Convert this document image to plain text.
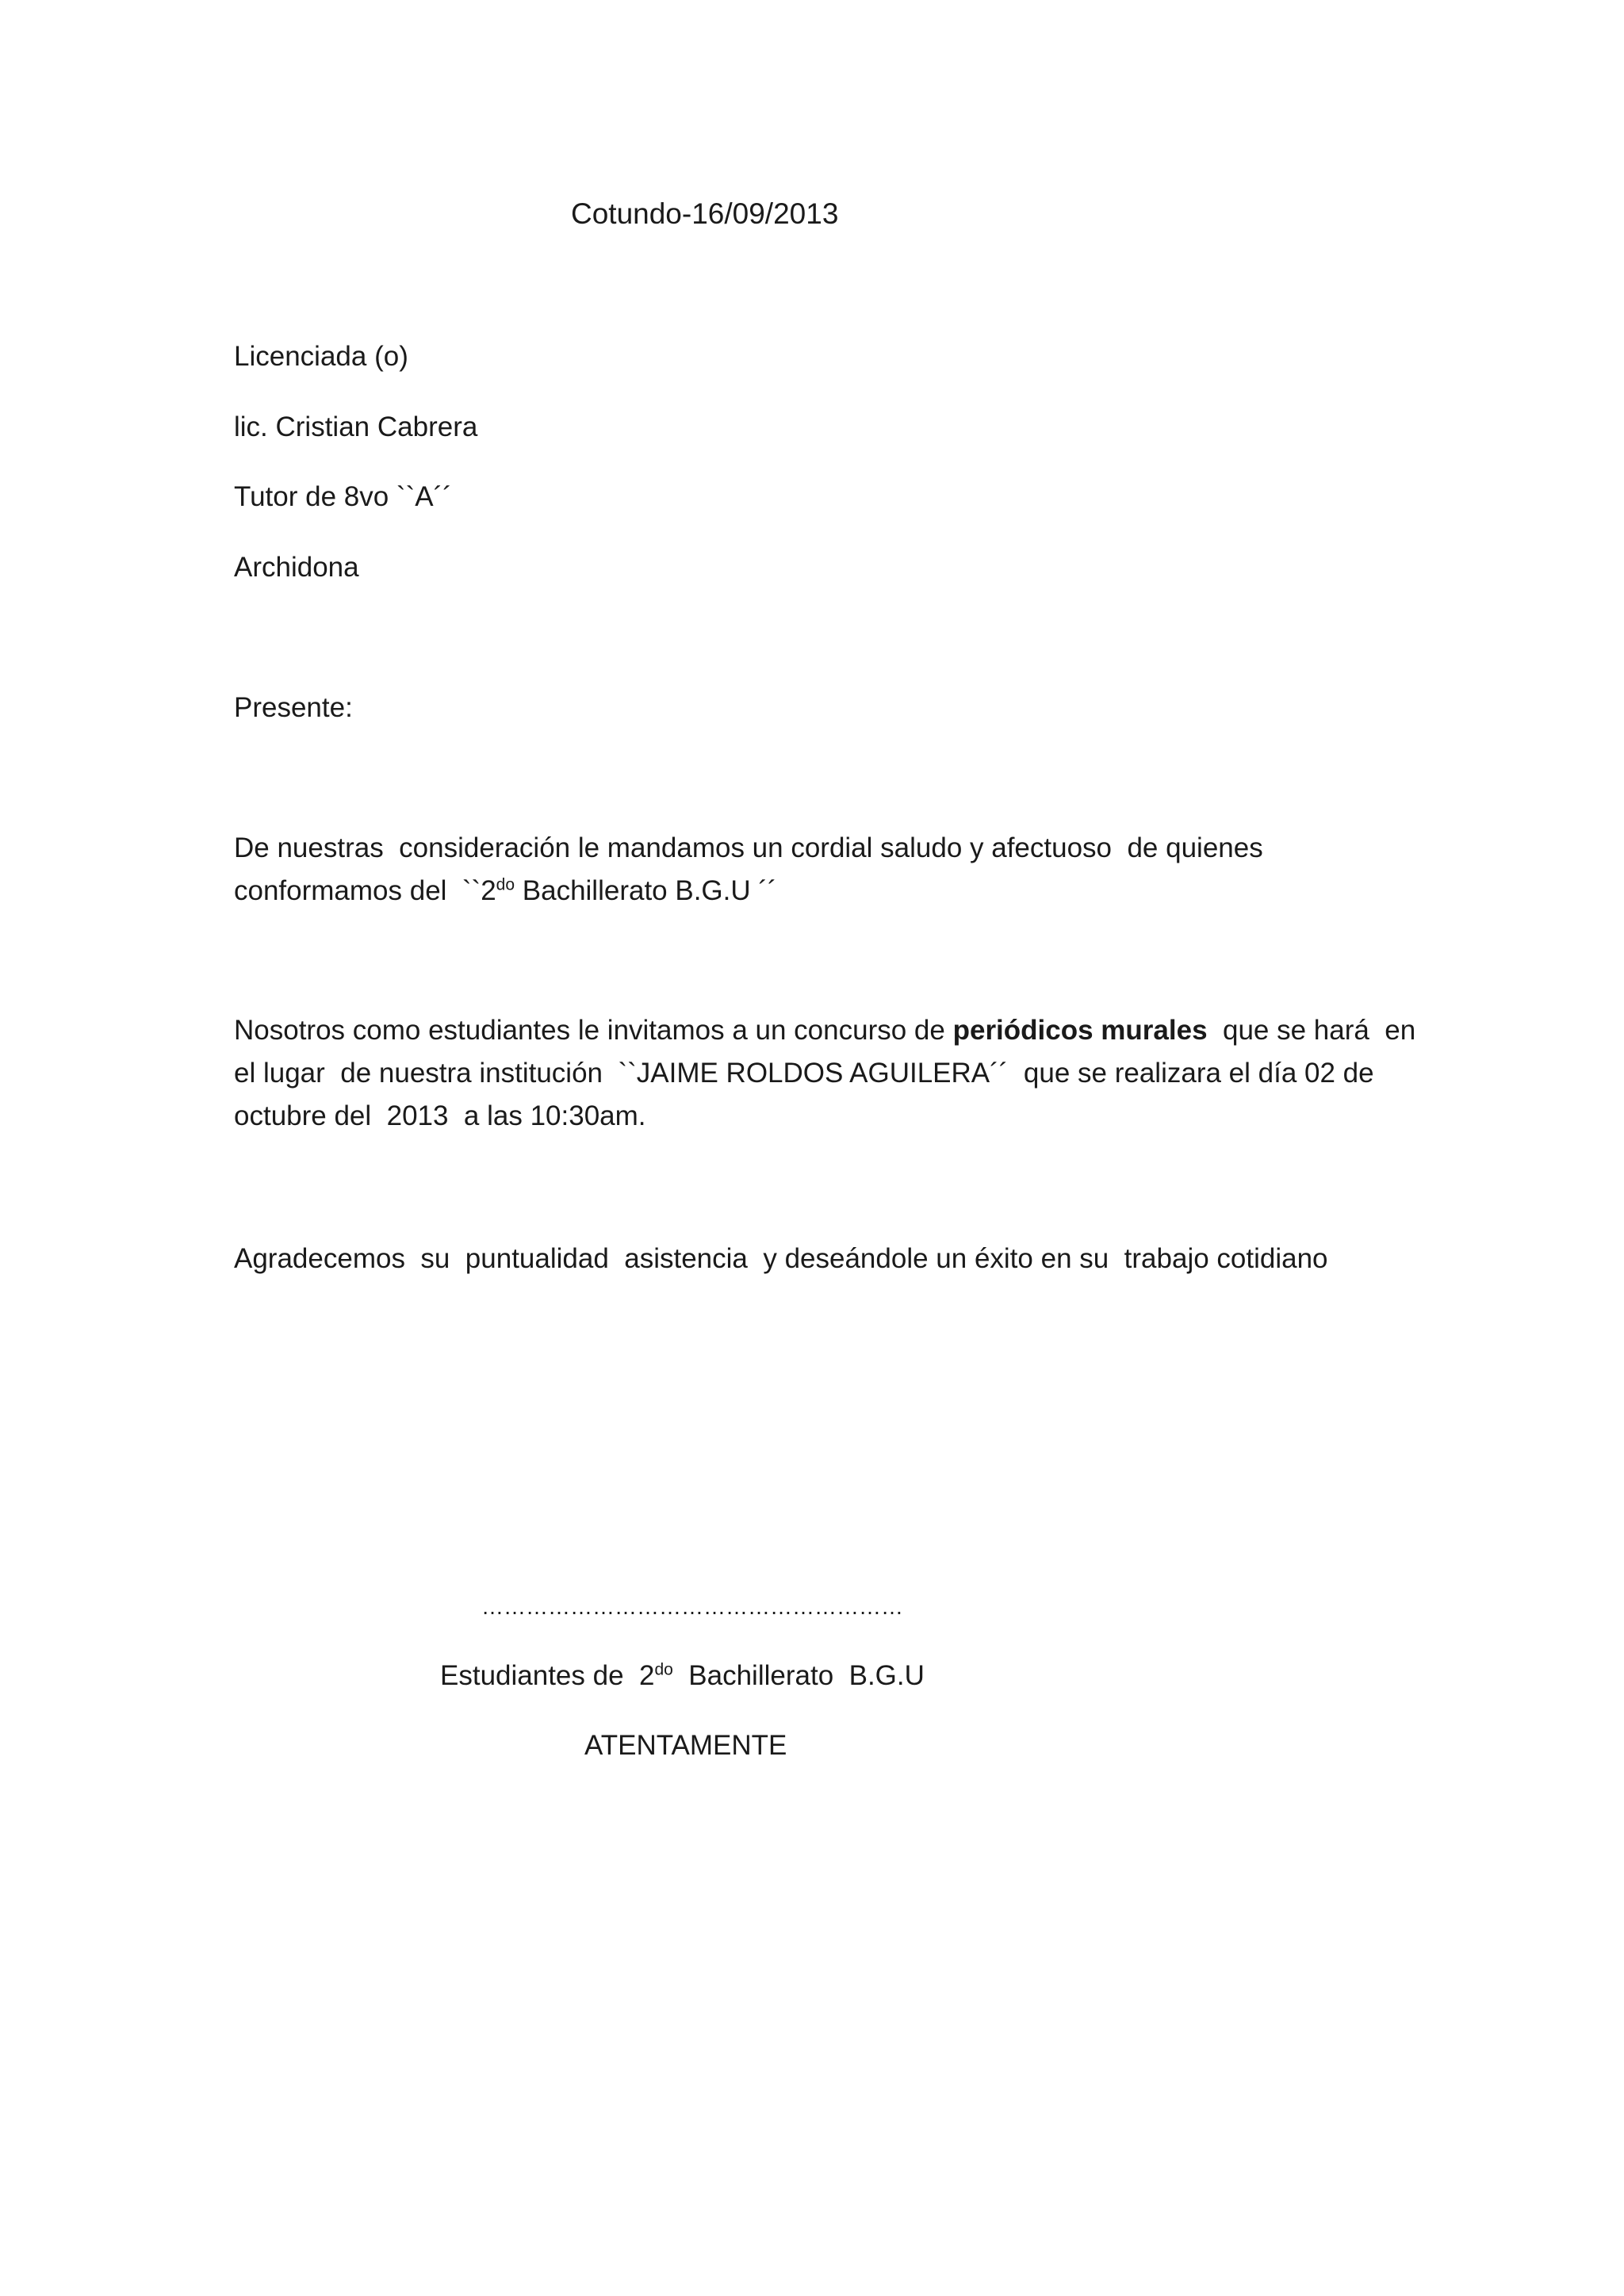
Cotundo-16/09/2013

Licenciada (o)

lic. Cristian Cabrera

Tutor de 8vo ``A´´

Archidona

Presente:

De nuestras  consideración le mandamos un cordial saludo y afectuoso  de quienes
conformamos del  $``2^{do}$ Bachillerato B.G.U ´´
Nosotros como estudiantes le invitamos a un concurso de periódicos murales  que se hará  en
el lugar  de nuestra institución  ``JAIME ROLDOS AGUILERA´´  que se realizara el día 02 de
octubre del  2013  a las 10:30am.

Agradecemos  su  puntualidad  asistencia  y deseándole un éxito en su  trabajo cotidiano

…………………………………………………

Estudiantes de  $2^{do}$  Bachillerato  B.G.U

ATENTAMENTE
